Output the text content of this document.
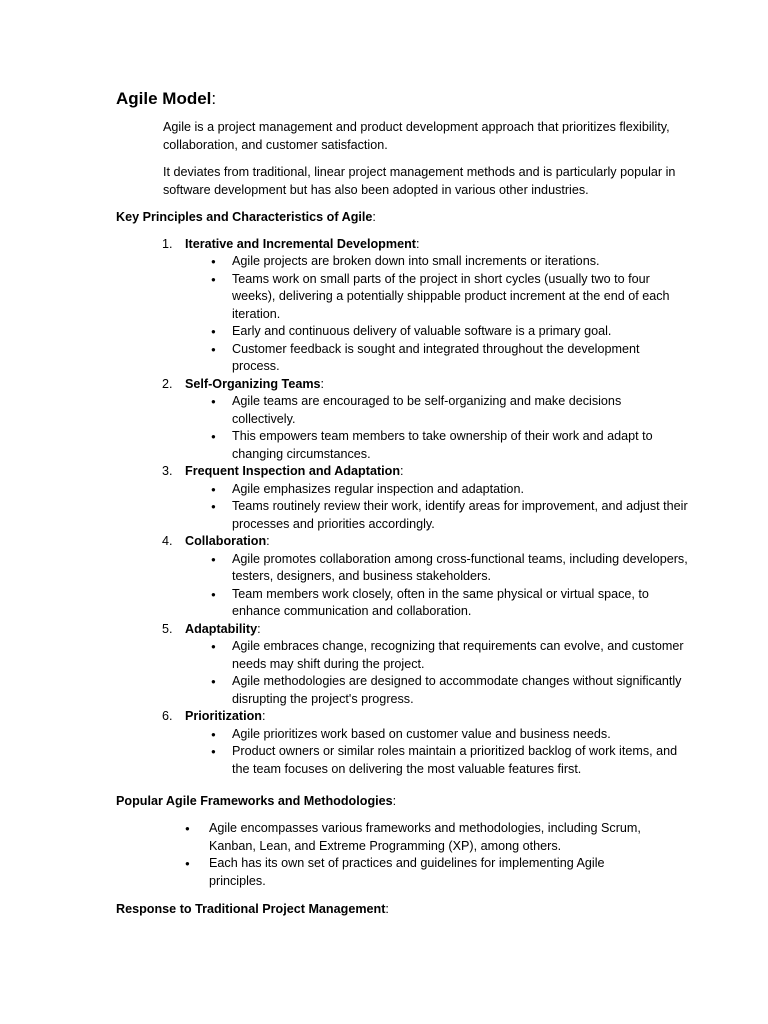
Agile Model:

Agile is a project management and product development approach that prioritizes flexibility, collaboration, and customer satisfaction.

It deviates from traditional, linear project management methods and is particularly popular in software development but has also been adopted in various other industries.

Key Principles and Characteristics of Agile:

1. Iterative and Incremental Development:
● Agile projects are broken down into small increments or iterations.
● Teams work on small parts of the project in short cycles (usually two to four weeks), delivering a potentially shippable product increment at the end of each iteration.
● Early and continuous delivery of valuable software is a primary goal.
● Customer feedback is sought and integrated throughout the development process.
2. Self-Organizing Teams:
● Agile teams are encouraged to be self-organizing and make decisions collectively.
● This empowers team members to take ownership of their work and adapt to changing circumstances.
3. Frequent Inspection and Adaptation:
● Agile emphasizes regular inspection and adaptation.
● Teams routinely review their work, identify areas for improvement, and adjust their processes and priorities accordingly.
4. Collaboration:
● Agile promotes collaboration among cross-functional teams, including developers, testers, designers, and business stakeholders.
● Team members work closely, often in the same physical or virtual space, to enhance communication and collaboration.
5. Adaptability:
● Agile embraces change, recognizing that requirements can evolve, and customer needs may shift during the project.
● Agile methodologies are designed to accommodate changes without significantly disrupting the project's progress.
6. Prioritization:
● Agile prioritizes work based on customer value and business needs.
● Product owners or similar roles maintain a prioritized backlog of work items, and the team focuses on delivering the most valuable features first.

Popular Agile Frameworks and Methodologies:

● Agile encompasses various frameworks and methodologies, including Scrum, Kanban, Lean, and Extreme Programming (XP), among others.
● Each has its own set of practices and guidelines for implementing Agile principles.

Response to Traditional Project Management:
